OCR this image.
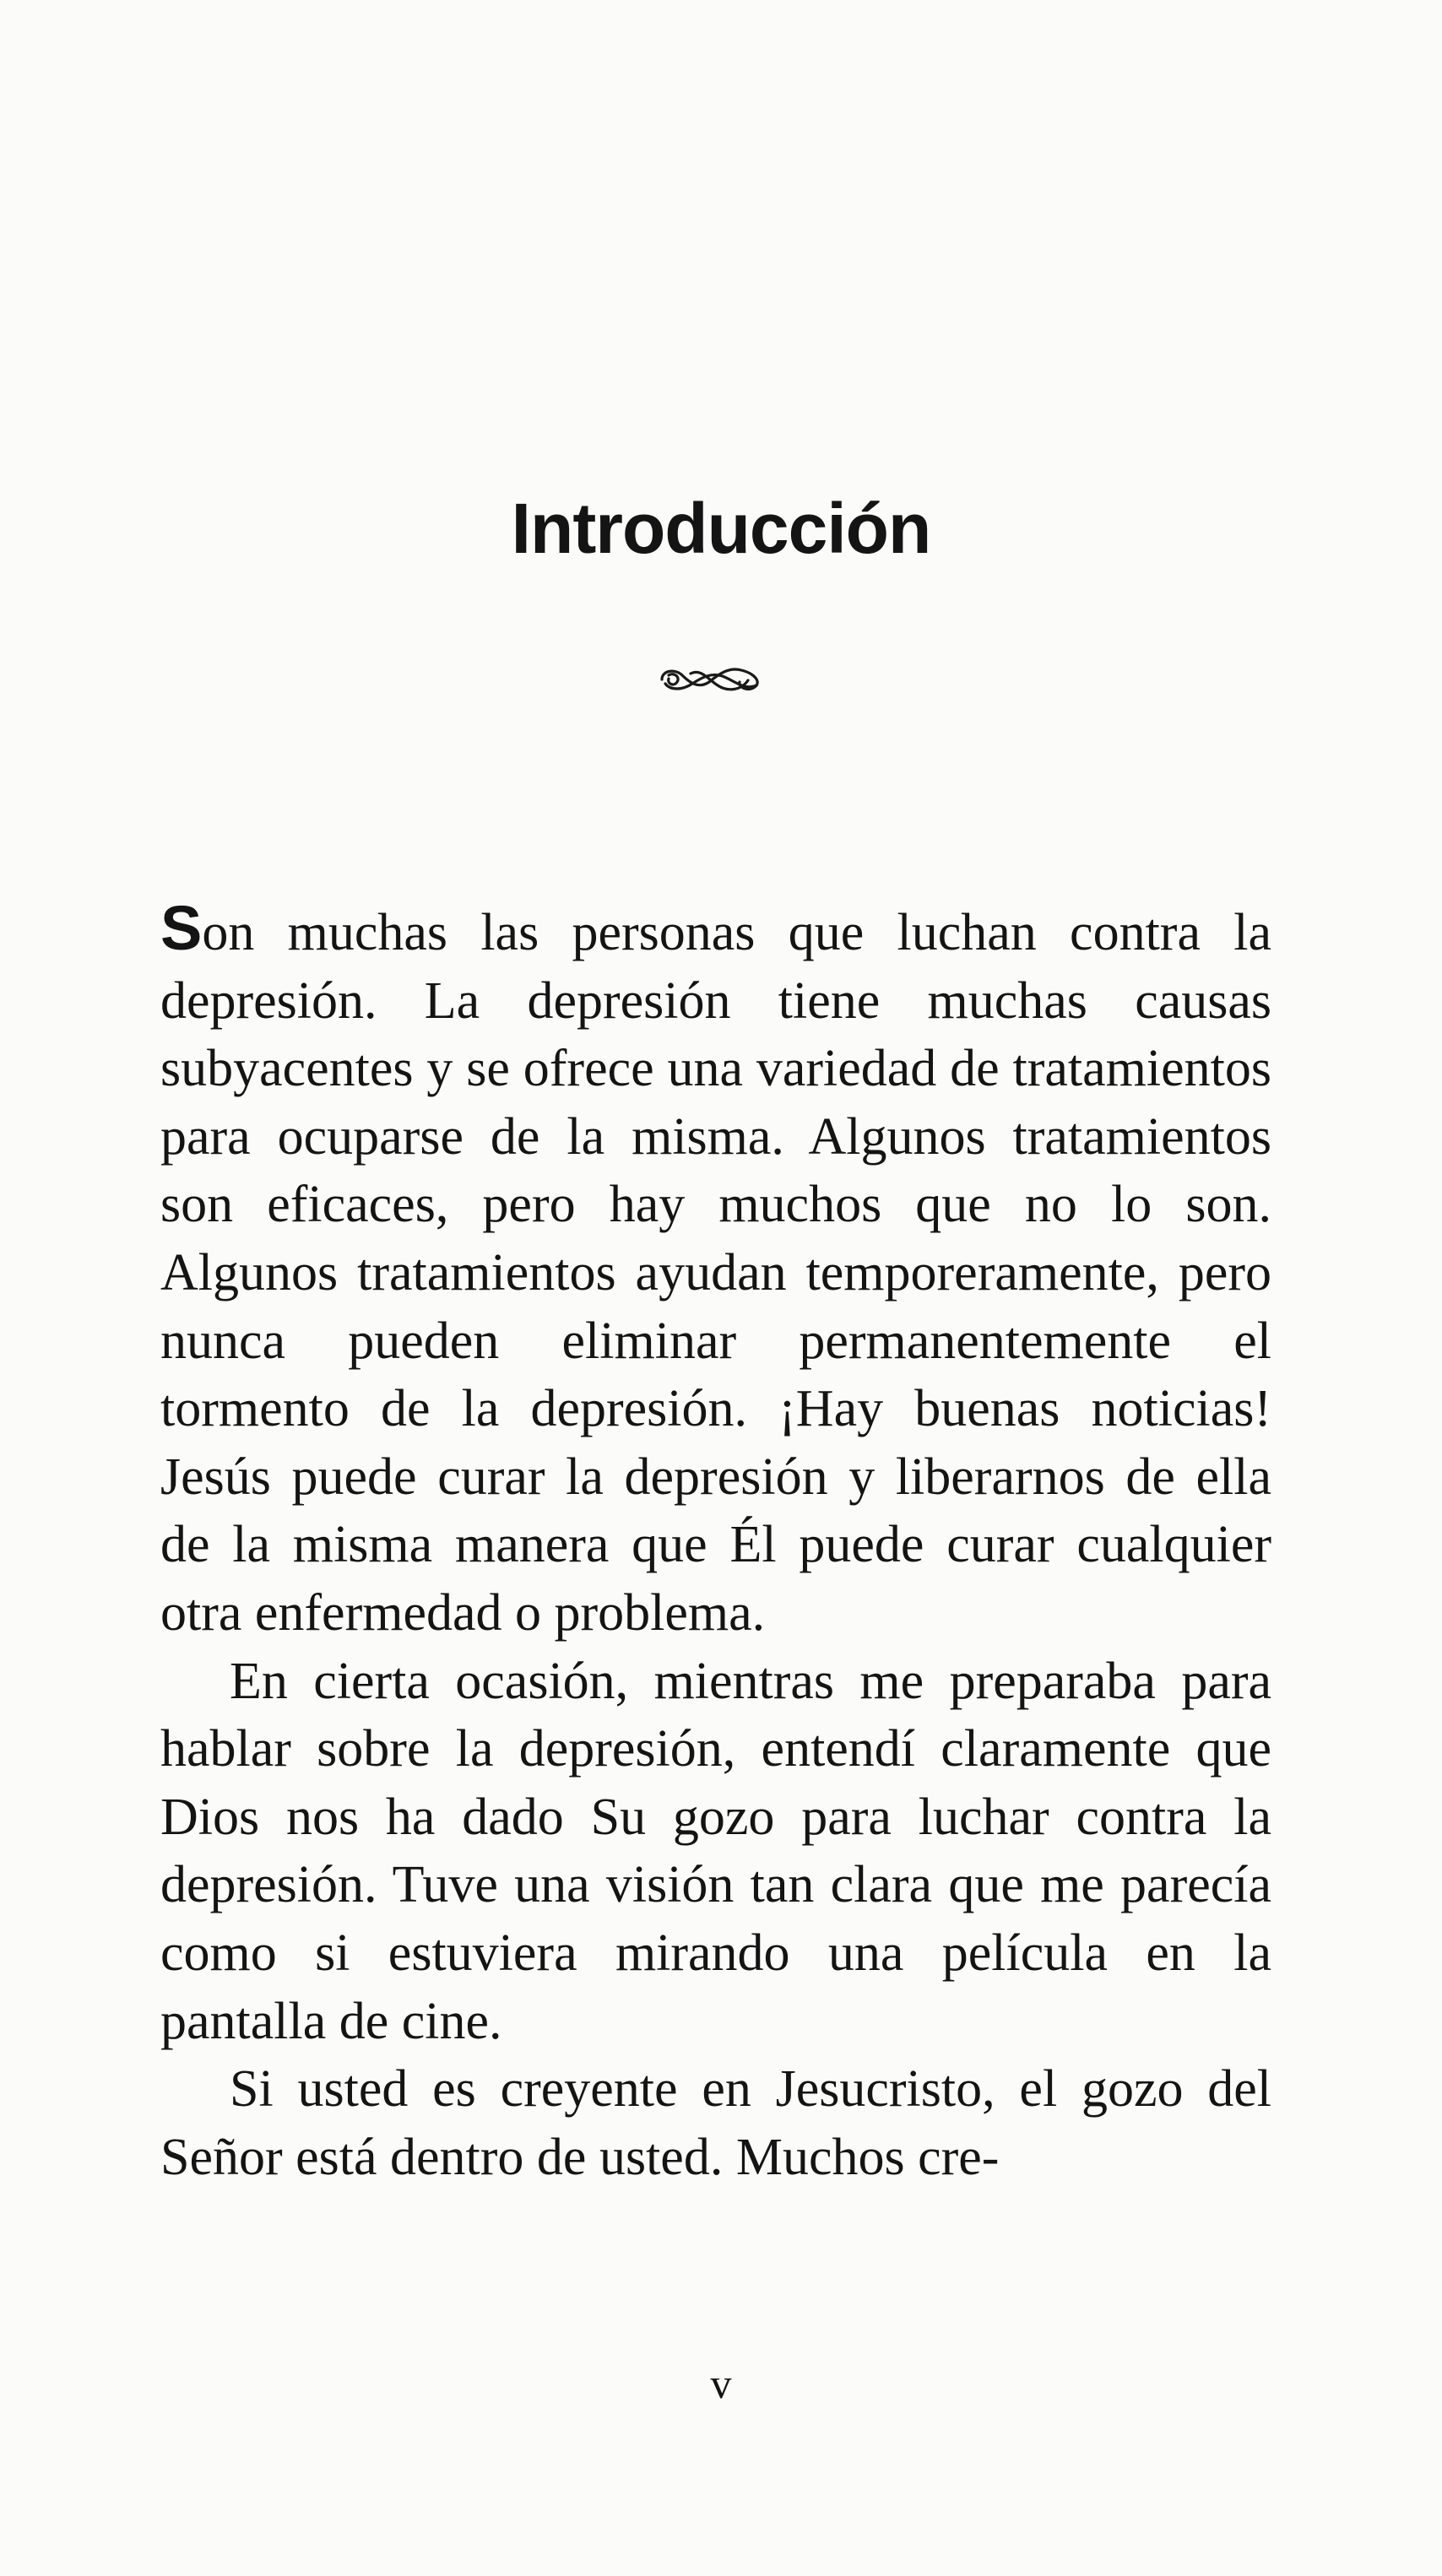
Introducción

Son muchas las personas que luchan contra la depresión. La depresión tiene muchas causas subyacentes y se ofrece una variedad de tratamientos para ocuparse de la misma. Algunos tratamientos son eficaces, pero hay muchos que no lo son. Algunos tratamientos ayudan temporeramente, pero nunca pueden eliminar permanentemente el tormento de la depresión. ¡Hay buenas noticias! Jesús puede curar la depresión y liberarnos de ella de la misma manera que Él puede curar cualquier otra enfermedad o problema.

En cierta ocasión, mientras me preparaba para hablar sobre la depresión, entendí claramente que Dios nos ha dado Su gozo para luchar contra la depresión. Tuve una visión tan clara que me parecía como si estuviera mirando una película en la pantalla de cine.

Si usted es creyente en Jesucristo, el gozo del Señor está dentro de usted. Muchos cre-

v
